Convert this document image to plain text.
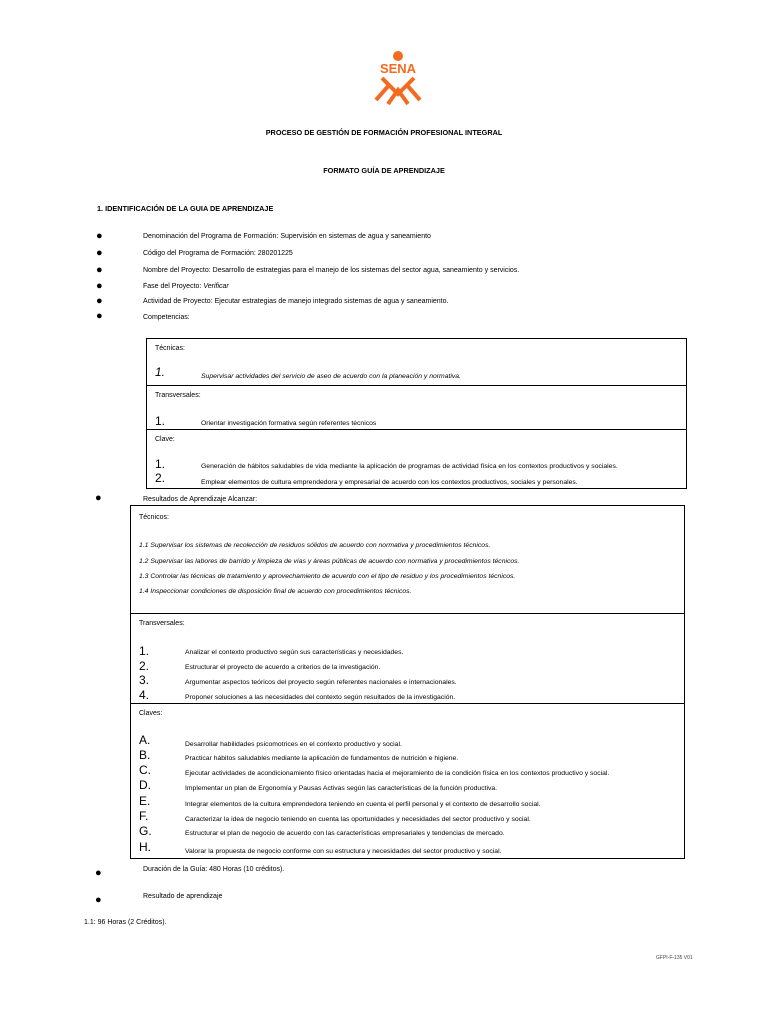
SENA
PROCESO DE GESTIÓN DE FORMACIÓN PROFESIONAL INTEGRAL
FORMATO GUÍA DE APRENDIZAJE
1. IDENTIFICACIÓN DE LA GUIA DE APRENDIZAJE
●	Denominación del Programa de Formación: Supervisión en sistemas de agua y saneamiento
●	Código del Programa de Formación: 280201225
●	Nombre del Proyecto: Desarrollo de estrategias para el manejo de los sistemas del sector agua, saneamiento y servicios.
●	Fase del Proyecto: Verificar
●	Actividad de Proyecto: Ejecutar estrategias de manejo integrado sistemas de agua y saneamiento.
●	Competencias:
Técnicas:
1.	Supervisar actividades del servicio de aseo de acuerdo con la planeación y normativa.
Transversales:
1.	Orientar investigación formativa según referentes técnicos
Clave:
1.	Generación de hábitos saludables de vida mediante la aplicación de programas de actividad física en los contextos productivos y sociales.
2.	Emplear elementos de cultura emprendedora y empresarial de acuerdo con los contextos productivos, sociales y personales.
●	Resultados de Aprendizaje Alcanzar:
Técnicos:
1.1 Supervisar los sistemas de recolección de residuos sólidos de acuerdo con normativa y procedimientos técnicos.
1.2 Supervisar las labores de barrido y limpieza de vías y áreas públicas de acuerdo con normativa y procedimientos técnicos.
1.3 Controlar las técnicas de tratamiento y aprovechamiento de acuerdo con el tipo de residuo y los procedimientos técnicos.
1.4 Inspeccionar condiciones de disposición final de acuerdo con procedimientos técnicos.
Transversales:
1.	Analizar el contexto productivo según sus características y necesidades.
2.	Estructurar el proyecto de acuerdo a criterios de la investigación.
3.	Argumentar aspectos teóricos del proyecto según referentes nacionales e internacionales.
4.	Proponer soluciones a las necesidades del contexto según resultados de la investigación.
Claves:
A.	Desarrollar habilidades psicomotrices en el contexto productivo y social.
B.	Practicar hábitos saludables mediante la aplicación de fundamentos de nutrición e higiene.
C.	Ejecutar actividades de acondicionamiento físico orientadas hacia el mejoramiento de la condición física en los contextos productivo y social.
D.	Implementar un plan de Ergonomía y Pausas Activas según las características de la función productiva.
E.	Integrar elementos de la cultura emprendedora teniendo en cuenta el perfil personal y el contexto de desarrollo social.
F.	Caracterizar la idea de negocio teniendo en cuenta las oportunidades y necesidades del sector productivo y social.
G.	Estructurar el plan de negocio de acuerdo con las características empresariales y tendencias de mercado.
H.	Valorar la propuesta de negocio conforme con su estructura y necesidades del sector productivo y social.
●	Duración de la Guía: 480 Horas (10 créditos).
●	Resultado de aprendizaje
1.1: 96 Horas (2 Créditos).
GFPI-F-135 V01
